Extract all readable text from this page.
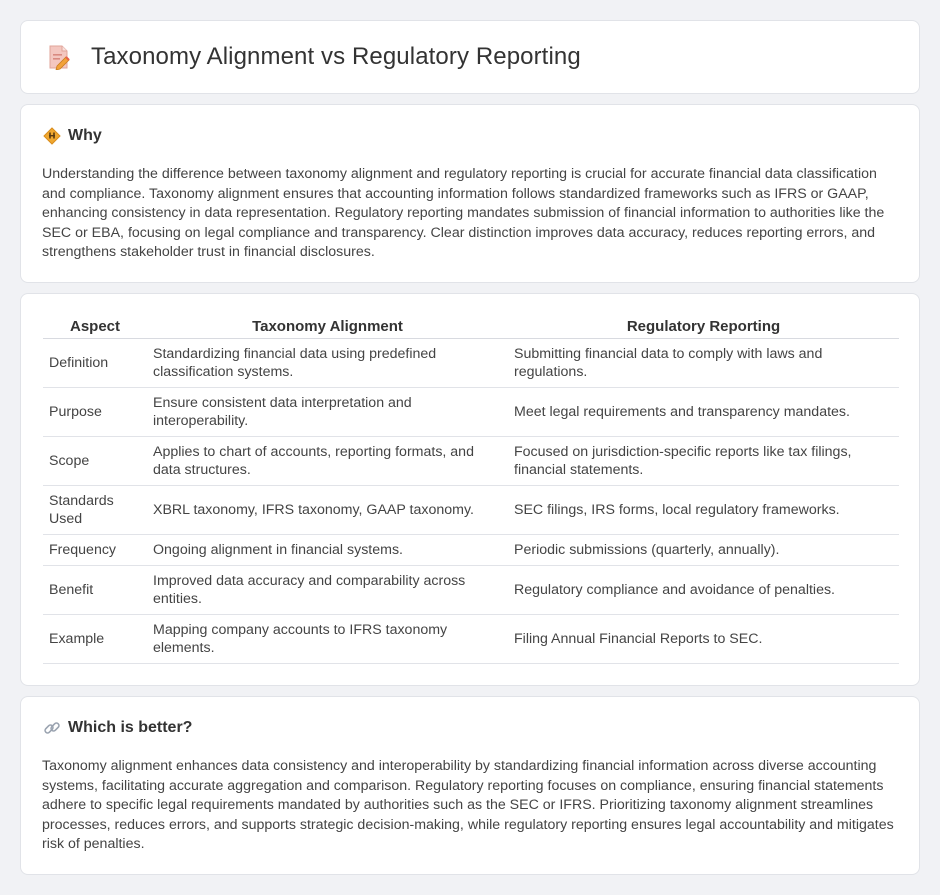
Taxonomy Alignment vs Regulatory Reporting
Why

Understanding the difference between taxonomy alignment and regulatory reporting is crucial for accurate financial data classification and compliance. Taxonomy alignment ensures that accounting information follows standardized frameworks such as IFRS or GAAP, enhancing consistency in data representation. Regulatory reporting mandates submission of financial information to authorities like the SEC or EBA, focusing on legal compliance and transparency. Clear distinction improves data accuracy, reduces reporting errors, and strengthens stakeholder trust in financial disclosures.

Aspect	Taxonomy Alignment	Regulatory Reporting
Definition	Standardizing financial data using predefined classification systems.	Submitting financial data to comply with laws and regulations.
Purpose	Ensure consistent data interpretation and interoperability.	Meet legal requirements and transparency mandates.
Scope	Applies to chart of accounts, reporting formats, and data structures.	Focused on jurisdiction-specific reports like tax filings, financial statements.
Standards Used	XBRL taxonomy, IFRS taxonomy, GAAP taxonomy.	SEC filings, IRS forms, local regulatory frameworks.
Frequency	Ongoing alignment in financial systems.	Periodic submissions (quarterly, annually).
Benefit	Improved data accuracy and comparability across entities.	Regulatory compliance and avoidance of penalties.
Example	Mapping company accounts to IFRS taxonomy elements.	Filing Annual Financial Reports to SEC.
Which is better?

Taxonomy alignment enhances data consistency and interoperability by standardizing financial information across diverse accounting systems, facilitating accurate aggregation and comparison. Regulatory reporting focuses on compliance, ensuring financial statements adhere to specific legal requirements mandated by authorities such as the SEC or IFRS. Prioritizing taxonomy alignment streamlines processes, reduces errors, and supports strategic decision-making, while regulatory reporting ensures legal accountability and mitigates risk of penalties.
